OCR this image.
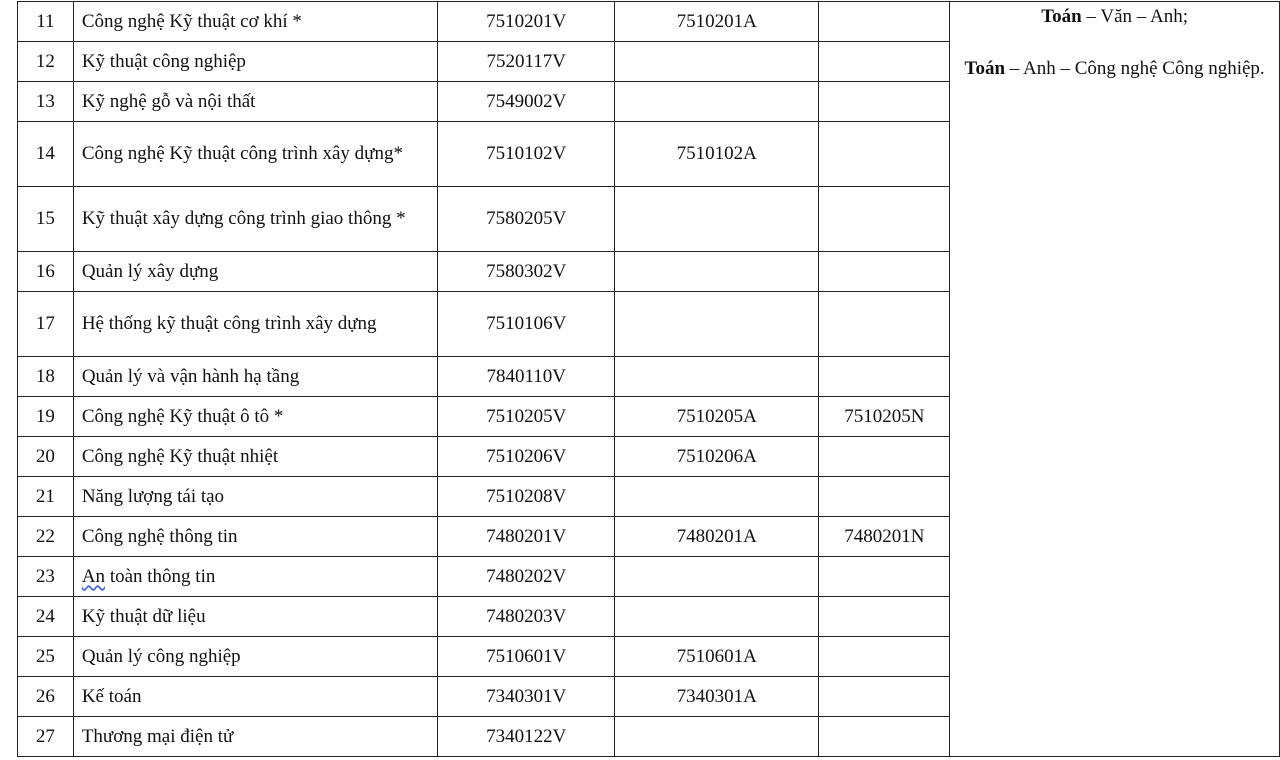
11	Công nghệ Kỹ thuật cơ khí *	7510201V	7510201A		Toán – Văn – Anh;
Toán – Anh – Công nghệ Công nghiệp.

12	Kỹ thuật công nghiệp	7520117V			
13	Kỹ nghệ gỗ và nội thất	7549002V			
14	Công nghệ Kỹ thuật công trình xây dựng*	7510102V	7510102A		
15	Kỹ thuật xây dựng công trình giao thông *	7580205V			
16	Quản lý xây dựng	7580302V			
17	Hệ thống kỹ thuật công trình xây dựng	7510106V			
18	Quản lý và vận hành hạ tầng	7840110V			
19	Công nghệ Kỹ thuật ô tô *	7510205V	7510205A	7510205N	
20	Công nghệ Kỹ thuật nhiệt	7510206V	7510206A		
21	Năng lượng tái tạo	7510208V			
22	Công nghệ thông tin	7480201V	7480201A	7480201N	
23	An toàn thông tin	7480202V			
24	Kỹ thuật dữ liệu	7480203V			
25	Quản lý công nghiệp	7510601V	7510601A		
26	Kế toán	7340301V	7340301A		
27	Thương mại điện tử	7340122V			
